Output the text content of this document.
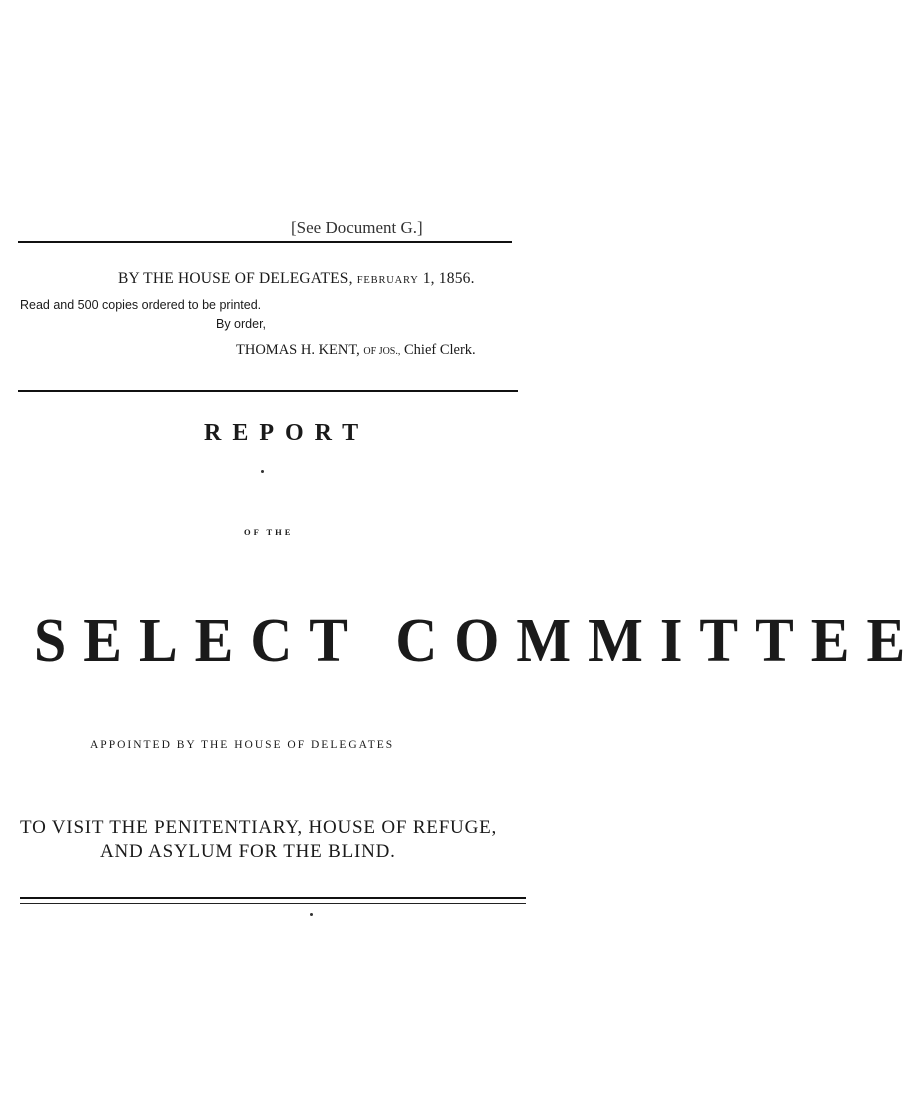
[See Document G.]
BY THE HOUSE OF DELEGATES, FEBRUARY 1, 1856.
Read and 500 copies ordered to be printed.
By order,
THOMAS H. KENT, OF JOS., Chief Clerk.
REPORT
OF THE
SELECT COMMITTEE
APPOINTED BY THE HOUSE OF DELEGATES
TO VISIT THE PENITENTIARY, HOUSE OF REFUGE,
AND ASYLUM FOR THE BLIND.
